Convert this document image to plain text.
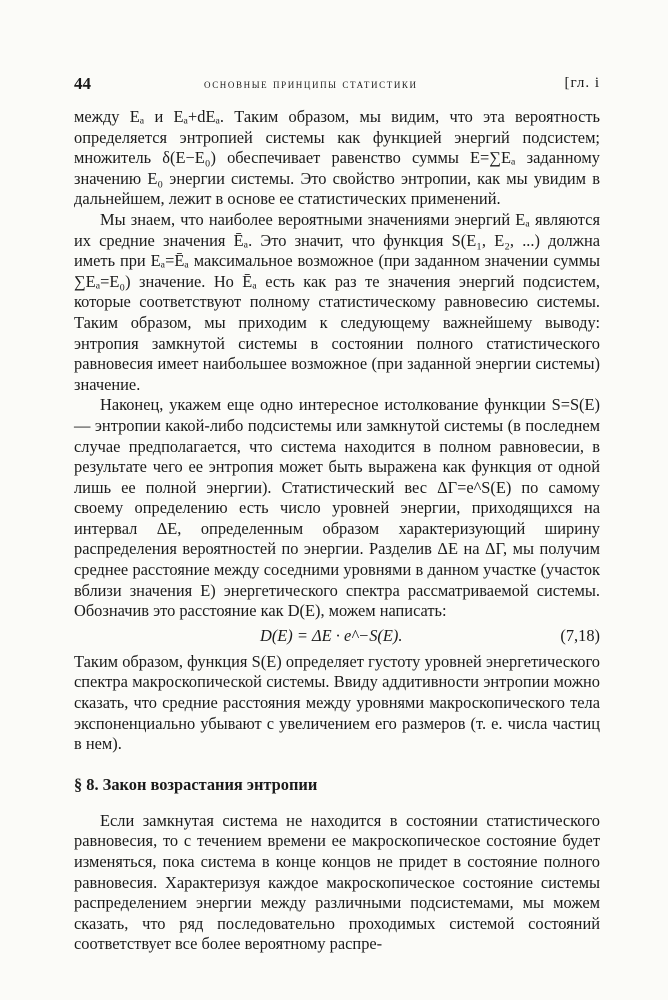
44	основные принципы статистики	[гл. i

между Eₐ и Eₐ+dEₐ. Таким образом, мы видим, что эта вероятность определяется энтропией системы как функцией энергий подсистем; множитель δ(E−E₀) обеспечивает равенство суммы E=∑Eₐ заданному значению E₀ энергии системы. Это свойство энтропии, как мы увидим в дальнейшем, лежит в основе ее статистических применений.

Мы знаем, что наиболее вероятными значениями энергий Eₐ являются их средние значения Ēₐ. Это значит, что функция S(E₁, E₂, ...) должна иметь при Eₐ=Ēₐ максимальное возможное (при заданном значении суммы ∑Eₐ=E₀) значение. Но Ēₐ есть как раз те значения энергий подсистем, которые соответствуют полному статистическому равновесию системы. Таким образом, мы приходим к следующему важнейшему выводу: энтропия замкнутой системы в состоянии полного статистического равновесия имеет наибольшее возможное (при заданной энергии системы) значение.

Наконец, укажем еще одно интересное истолкование функции S=S(E) — энтропии какой-либо подсистемы или замкнутой системы (в последнем случае предполагается, что система находится в полном равновесии, в результате чего ее энтропия может быть выражена как функция от одной лишь ее полной энергии). Статистический вес ΔΓ=e^S(E) по самому своему определению есть число уровней энергии, приходящихся на интервал ΔE, определенным образом характеризующий ширину распределения вероятностей по энергии. Разделив ΔE на ΔΓ, мы получим среднее расстояние между соседними уровнями в данном участке (участок вблизи значения E) энергетического спектра рассматриваемой системы. Обозначив это расстояние как D(E), можем написать:

D(E) = ΔE · e^−S(E).	(7,18)

Таким образом, функция S(E) определяет густоту уровней энергетического спектра макроскопической системы. Ввиду аддитивности энтропии можно сказать, что средние расстояния между уровнями макроскопического тела экспоненциально убывают с увеличением его размеров (т. е. числа частиц в нем).

§ 8. Закон возрастания энтропии

Если замкнутая система не находится в состоянии статистического равновесия, то с течением времени ее макроскопическое состояние будет изменяться, пока система в конце концов не придет в состояние полного равновесия. Характеризуя каждое макроскопическое состояние системы распределением энергии между различными подсистемами, мы можем сказать, что ряд последовательно проходимых системой состояний соответствует все более вероятному распре-
